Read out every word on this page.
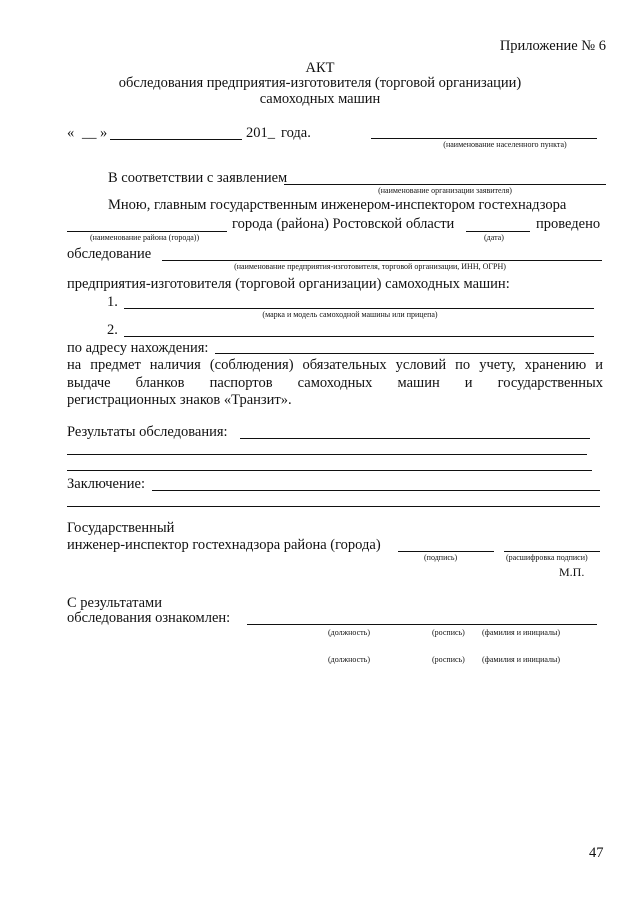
Приложение № 6
АКТ
обследования предприятия-изготовителя (торговой организации)
самоходных машин
« __ »	201_ года.
(наименование населенного пункта)
В соответствии с заявлением
(наименование организации заявителя)
Мною, главным государственным инженером-инспектором гостехнадзора
города (района) Ростовской области	проведено
(наименование района (города))	(дата)
обследование
(наименование предприятия-изготовителя, торговой организации, ИНН, ОГРН)
предприятия-изготовителя (торговой организации) самоходных машин:
1.
(марка и модель самоходной машины или прицепа)
2.
по адресу нахождения:
на предмет наличия (соблюдения) обязательных условий по учету, хранению и
выдаче бланков паспортов самоходных машин и государственных
регистрационных знаков «Транзит».
Результаты обследования:
Заключение:
Государственный
инженер-инспектор гостехнадзора района (города)
(подпись)	(расшифровка подписи)
М.П.
С результатами
обследования ознакомлен:
(должность)	(роспись) (фамилия и инициалы)
(должность)	(роспись) (фамилия и инициалы)
47
